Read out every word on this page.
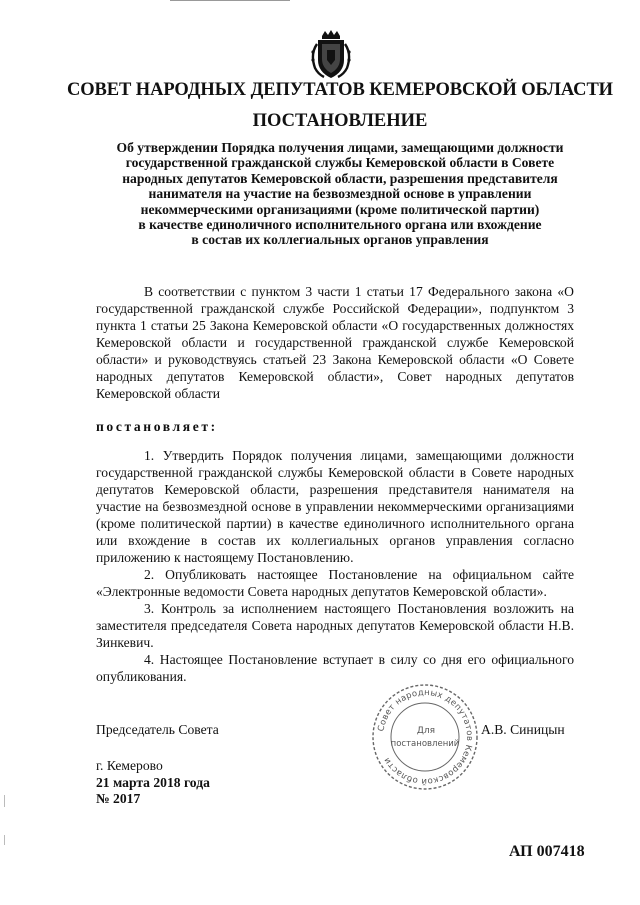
СОВЕТ НАРОДНЫХ ДЕПУТАТОВ КЕМЕРОВСКОЙ ОБЛАСТИ
ПОСТАНОВЛЕНИЕ
Об утверждении Порядка получения лицами, замещающими должности
государственной гражданской службы Кемеровской области в Совете
народных депутатов Кемеровской области, разрешения представителя
нанимателя на участие на безвозмездной основе в управлении
некоммерческими организациями (кроме политической партии)
в качестве единоличного исполнительного органа или вхождение
в состав их коллегиальных органов управления

В соответствии с пунктом 3 части 1 статьи 17 Федерального закона «О государственной гражданской службе Российской Федерации», подпунктом 3 пункта 1 статьи 25 Закона Кемеровской области «О государственных должностях Кемеровской области и государственной гражданской службе Кемеровской области» и руководствуясь статьей 23 Закона Кемеровской области «О Совете народных депутатов Кемеровской области», Совет народных депутатов Кемеровской области

постановляет:

1. Утвердить Порядок получения лицами, замещающими должности государственной гражданской службы Кемеровской области в Совете народных депутатов Кемеровской области, разрешения представителя нанимателя на участие на безвозмездной основе в управлении некоммерческими организациями (кроме политической партии) в качестве единоличного исполнительного органа или вхождение в состав их коллегиальных органов управления согласно приложению к настоящему Постановлению.

2. Опубликовать настоящее Постановление на официальном сайте «Электронные ведомости Совета народных депутатов Кемеровской области».

3. Контроль за исполнением настоящего Постановления возложить на заместителя председателя Совета народных депутатов Кемеровской области Н.В. Зинкевич.

4. Настоящее Постановление вступает в силу со дня его официального опубликования.

Председатель Совета	Совет народных депутатов Кемеровской области
Для
постановлений
А.В. Синицын
г. Кемерово
21 марта 2018 года
№ 2017
АП 007418
